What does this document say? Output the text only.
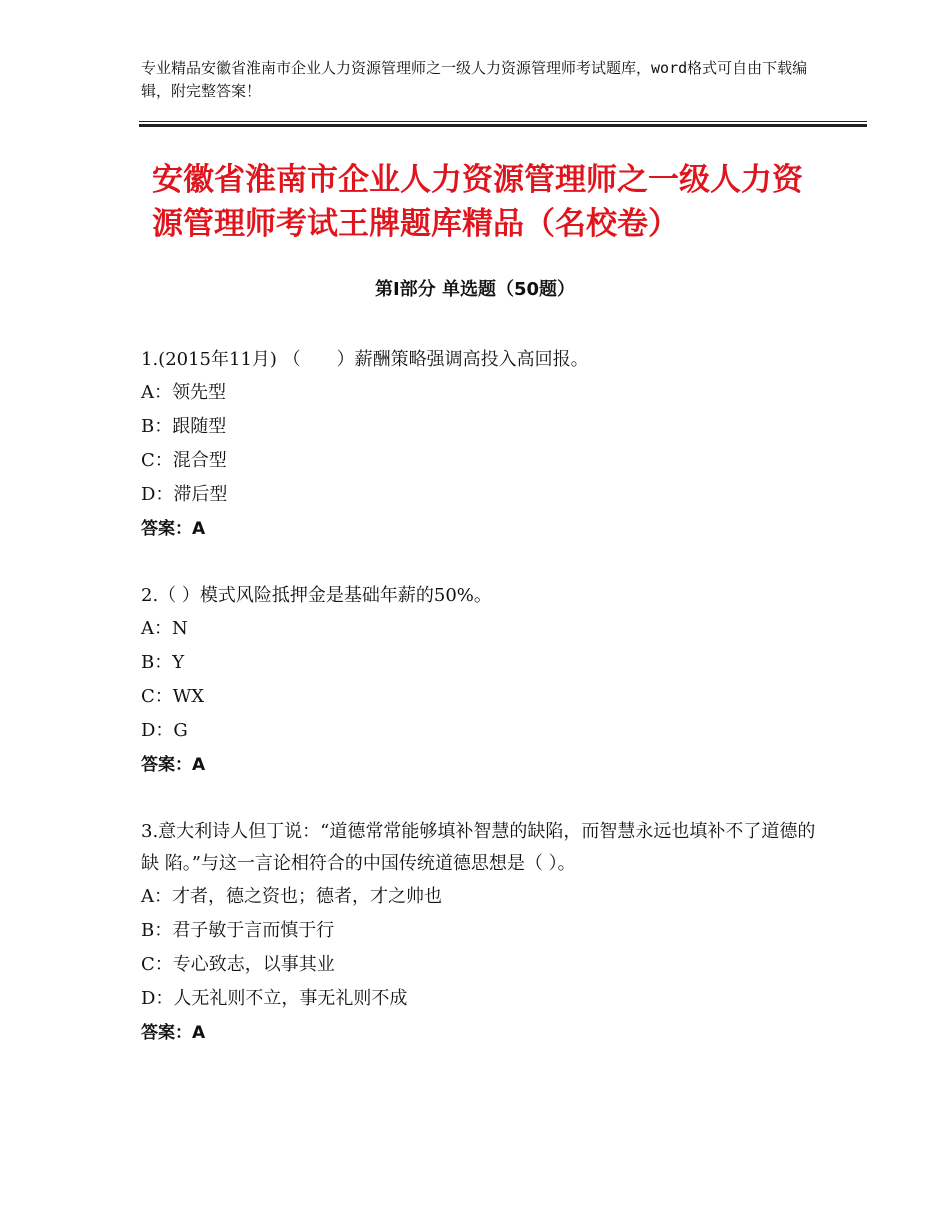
专业精品安徽省淮南市企业人力资源管理师之一级人力资源管理师考试题库，word格式可自由下载编辑，附完整答案！
安徽省淮南市企业人力资源管理师之一级人力资源管理师考试王牌题库精品（名校卷）
第Ⅰ部分 单选题（50题）
1.(2015年11月) （　　）薪酬策略强调高投入高回报。
A：领先型
B：跟随型
C：混合型
D：滞后型
答案：A
2.（ ）模式风险抵押金是基础年薪的50%。
A：N
B：Y
C：WX
D：G
答案：A
3.意大利诗人但丁说：“道德常常能够填补智慧的缺陷，而智慧永远也填补不了道德的缺 陷。”与这一言论相符合的中国传统道德思想是（ ）。
A：才者，德之资也；德者，才之帅也
B：君子敏于言而慎于行
C：专心致志，以事其业
D：人无礼则不立，事无礼则不成
答案：A
